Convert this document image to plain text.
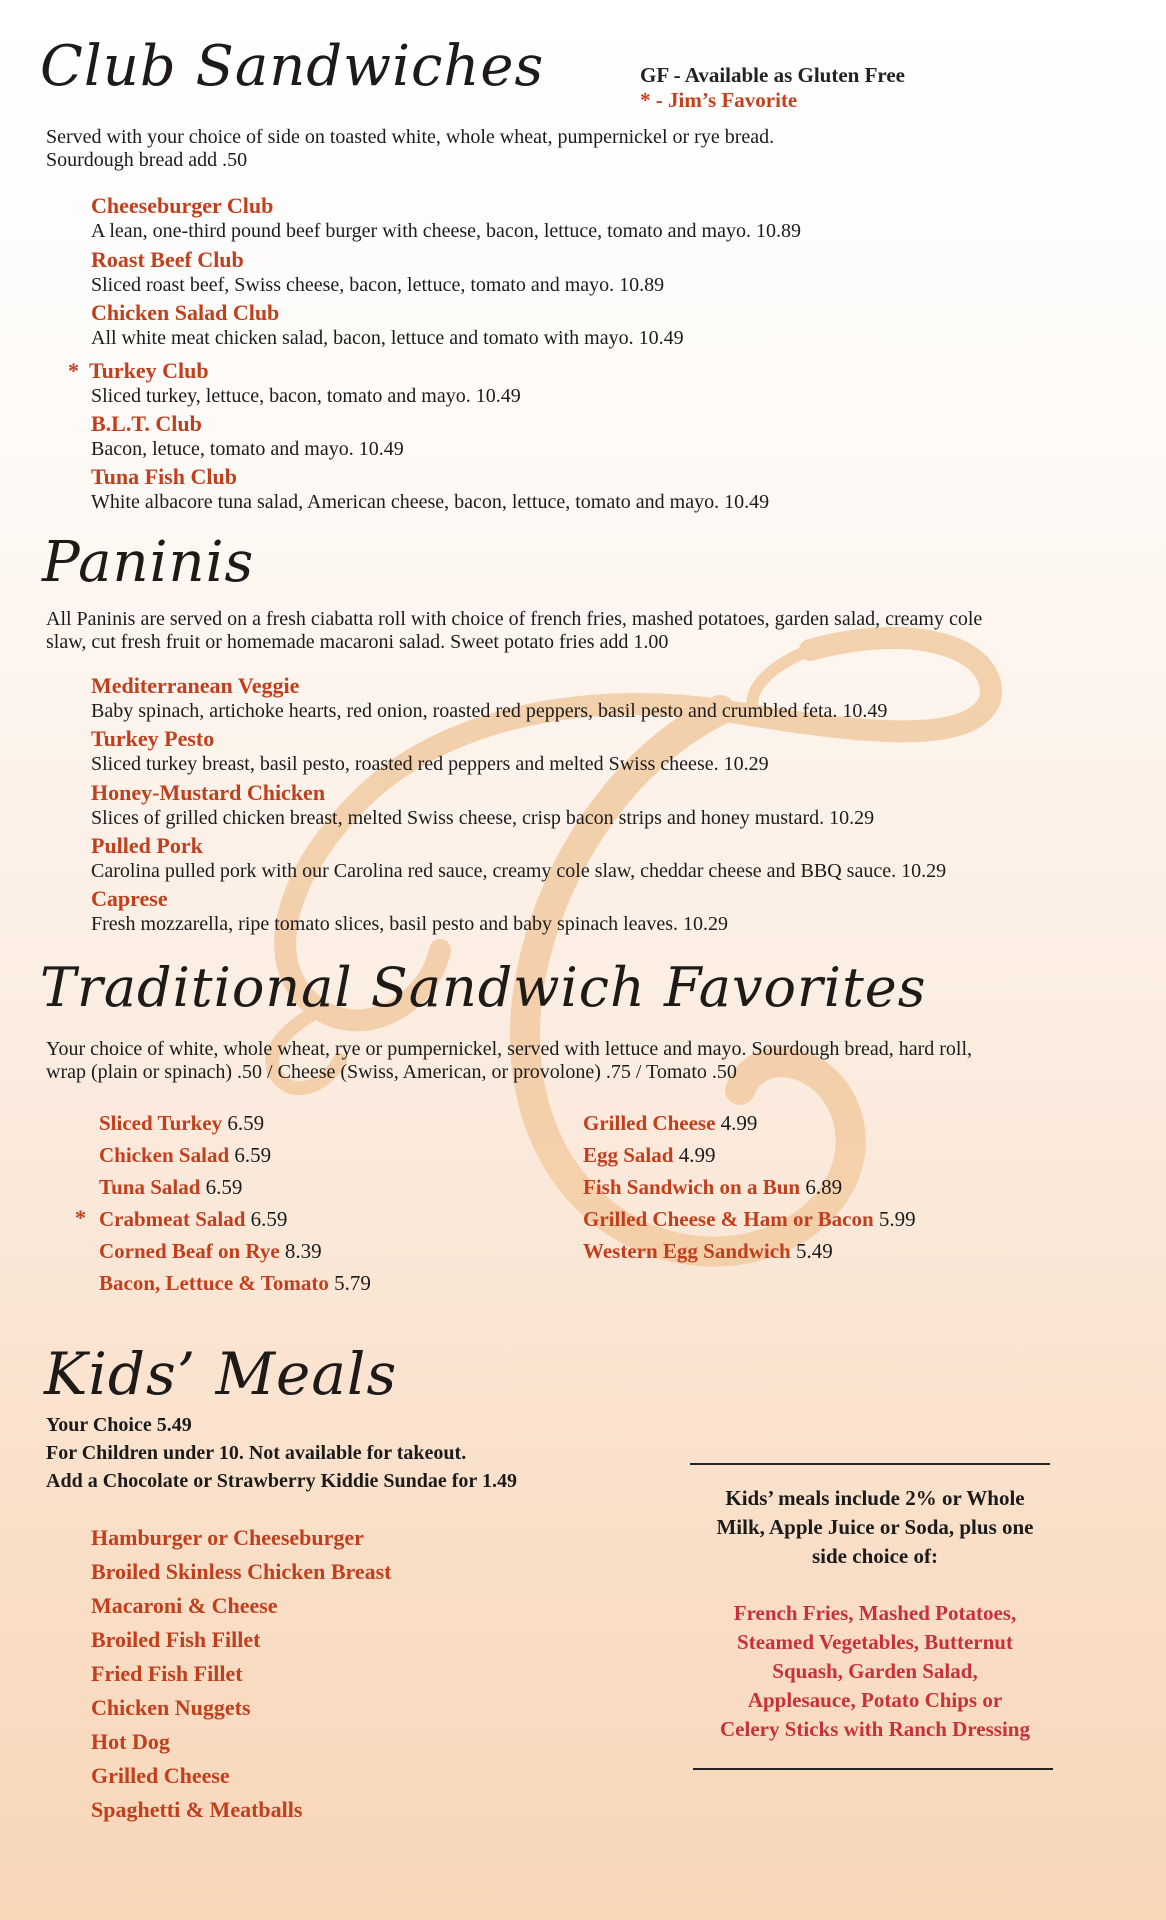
GF - Available as Gluten Free
* - Jim’s Favorite
Club Sandwiches
Served with your choice of side on toasted white, whole wheat, pumpernickel or rye bread.
Sourdough bread add .50
Cheeseburger Club
A lean, one-third pound beef burger with cheese, bacon, lettuce, tomato and mayo. 10.89
Roast Beef Club
Sliced roast beef, Swiss cheese, bacon, lettuce, tomato and mayo. 10.89
Chicken Salad Club
All white meat chicken salad, bacon, lettuce and tomato with mayo. 10.49
* Turkey Club
Sliced turkey, lettuce, bacon, tomato and mayo. 10.49
B.L.T. Club
Bacon, letuce, tomato and mayo. 10.49
Tuna Fish Club
White albacore tuna salad, American cheese, bacon, lettuce, tomato and mayo. 10.49
Paninis
All Paninis are served on a fresh ciabatta roll with choice of french fries, mashed potatoes, garden salad, creamy cole
slaw, cut fresh fruit or homemade macaroni salad. Sweet potato fries add 1.00
Mediterranean Veggie
Baby spinach, artichoke hearts, red onion, roasted red peppers, basil pesto and crumbled feta. 10.49
Turkey Pesto
Sliced turkey breast, basil pesto, roasted red peppers and melted Swiss cheese. 10.29
Honey-Mustard Chicken
Slices of grilled chicken breast, melted Swiss cheese, crisp bacon strips and honey mustard. 10.29
Pulled Pork
Carolina pulled pork with our Carolina red sauce, creamy cole slaw, cheddar cheese and BBQ sauce. 10.29
Caprese
Fresh mozzarella, ripe tomato slices, basil pesto and baby spinach leaves. 10.29
Traditional Sandwich Favorites
Your choice of white, whole wheat, rye or pumpernickel, served with lettuce and mayo. Sourdough bread, hard roll,
wrap (plain or spinach) .50 / Cheese (Swiss, American, or provolone) .75 / Tomato .50
Sliced Turkey 6.59
Chicken Salad 6.59
Tuna Salad 6.59
Crabmeat Salad 6.59
Corned Beaf on Rye 8.39
Bacon, Lettuce & Tomato 5.79
*
Grilled Cheese 4.99
Egg Salad 4.99
Fish Sandwich on a Bun 6.89
Grilled Cheese & Ham or Bacon 5.99
Western Egg Sandwich 5.49
Kids’ Meals
Your Choice 5.49
For Children under 10. Not available for takeout.
Add a Chocolate or Strawberry Kiddie Sundae for 1.49
Hamburger or Cheeseburger
Broiled Skinless Chicken Breast
Macaroni & Cheese
Broiled Fish Fillet
Fried Fish Fillet
Chicken Nuggets
Hot Dog
Grilled Cheese
Spaghetti & Meatballs
Kids’ meals include 2% or Whole
Milk, Apple Juice or Soda, plus one
side choice of:
French Fries, Mashed Potatoes,
Steamed Vegetables, Butternut
Squash, Garden Salad,
Applesauce, Potato Chips or
Celery Sticks with Ranch Dressing
